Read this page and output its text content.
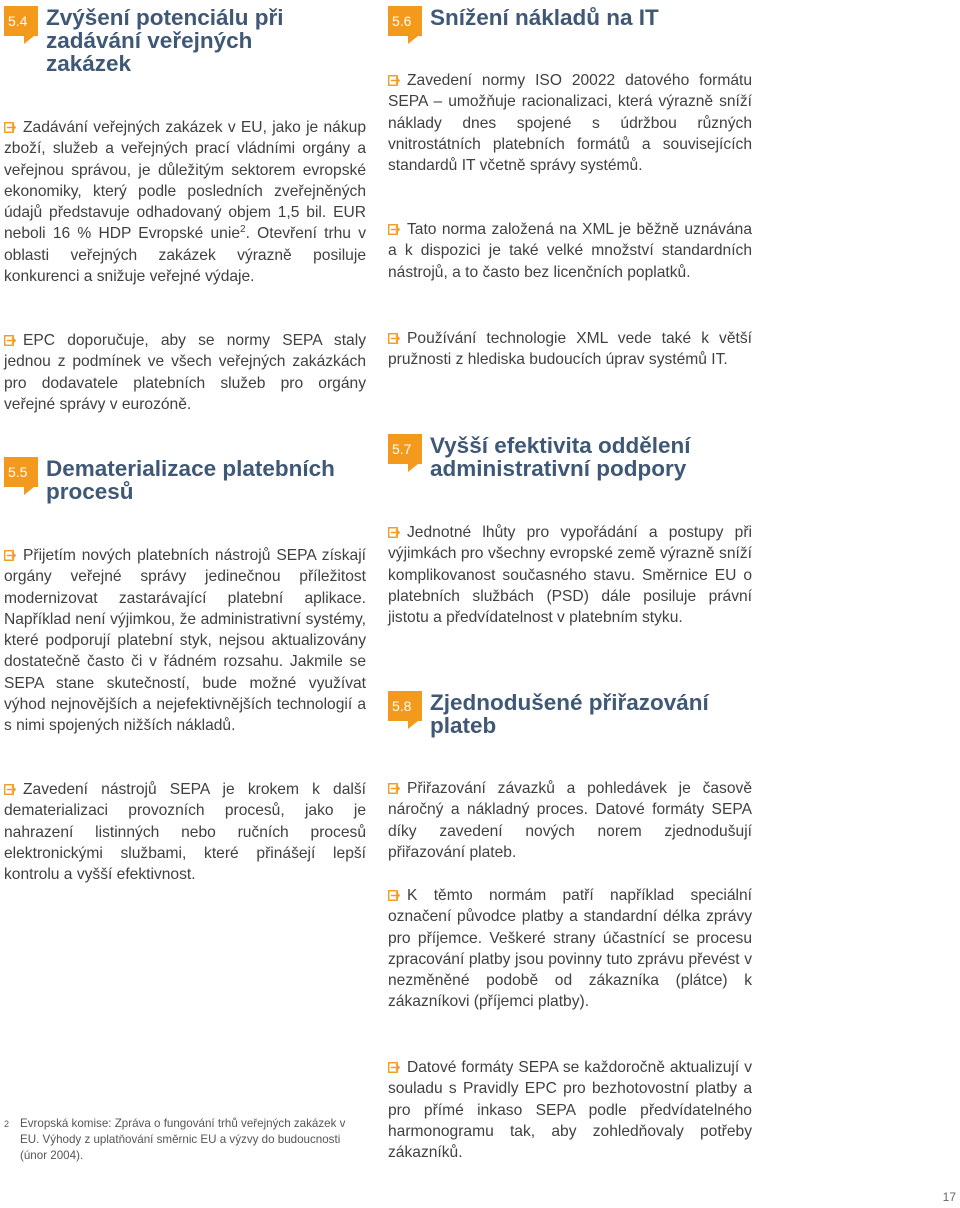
5.4 Zvýšení potenciálu při zadávání veřejných zakázek

Zadávání veřejných zakázek v EU, jako je nákup zboží, služeb a veřejných prací vládními orgány a veřejnou správou, je důležitým sektorem evropské ekonomiky, který podle posledních zveřejněných údajů představuje odhadovaný objem 1,5 bil. EUR neboli 16 % HDP Evropské unie$^2$. Otevření trhu v oblasti veřejných zakázek výrazně posiluje konkurenci a snižuje veřejné výdaje.

EPC doporučuje, aby se normy SEPA staly jednou z podmínek ve všech veřejných zakázkách pro dodavatele platebních služeb pro orgány veřejné správy v eurozóně.

5.5 Dematerializace platebních procesů

Přijetím nových platebních nástrojů SEPA získají orgány veřejné správy jedinečnou příležitost modernizovat zastarávající platební aplikace. Například není výjimkou, že administrativní systémy, které podporují platební styk, nejsou aktualizovány dostatečně často či v řádném rozsahu. Jakmile se SEPA stane skutečností, bude možné využívat výhod nejnovějších a nejefektivnějších technologií a s nimi spojených nižších nákladů.

Zavedení nástrojů SEPA je krokem k další dematerializaci provozních procesů, jako je nahrazení listinných nebo ručních procesů elektronickými službami, které přinášejí lepší kontrolu a vyšší efektivnost.

5.6 Snížení nákladů na IT

Zavedení normy ISO 20022 datového formátu SEPA – umožňuje racionalizaci, která výrazně sníží náklady dnes spojené s údržbou různých vnitrostátních platebních formátů a souvisejících standardů IT včetně správy systémů.

Tato norma založená na XML je běžně uznávána a k dispozici je také velké množství standardních nástrojů, a to často bez licenčních poplatků.

Používání technologie XML vede také k větší pružnosti z hlediska budoucích úprav systémů IT.

5.7 Vyšší efektivita oddělení administrativní podpory

Jednotné lhůty pro vypořádání a postupy při výjimkách pro všechny evropské země výrazně sníží komplikovanost současného stavu. Směrnice EU o platebních službách (PSD) dále posiluje právní jistotu a předvídatelnost v platebním styku.

5.8 Zjednodušené přiřazování plateb

Přiřazování závazků a pohledávek je časově náročný a nákladný proces. Datové formáty SEPA díky zavedení nových norem zjednodušují přiřazování plateb.

K těmto normám patří například speciální označení původce platby a standardní délka zprávy pro příjemce. Veškeré strany účastnící se procesu zpracování platby jsou povinny tuto zprávu převést v nezměněné podobě od zákazníka (plátce) k zákazníkovi (příjemci platby).

Datové formáty SEPA se každoročně aktualizují v souladu s Pravidly EPC pro bezhotovostní platby a pro přímé inkaso SEPA podle předvídatelného harmonogramu tak, aby zohledňovaly potřeby zákazníků.

2 Evropská komise: Zpráva o fungování trhů veřejných zakázek v EU. Výhody z uplatňování směrnic EU a výzvy do budoucnosti (únor 2004).
17
